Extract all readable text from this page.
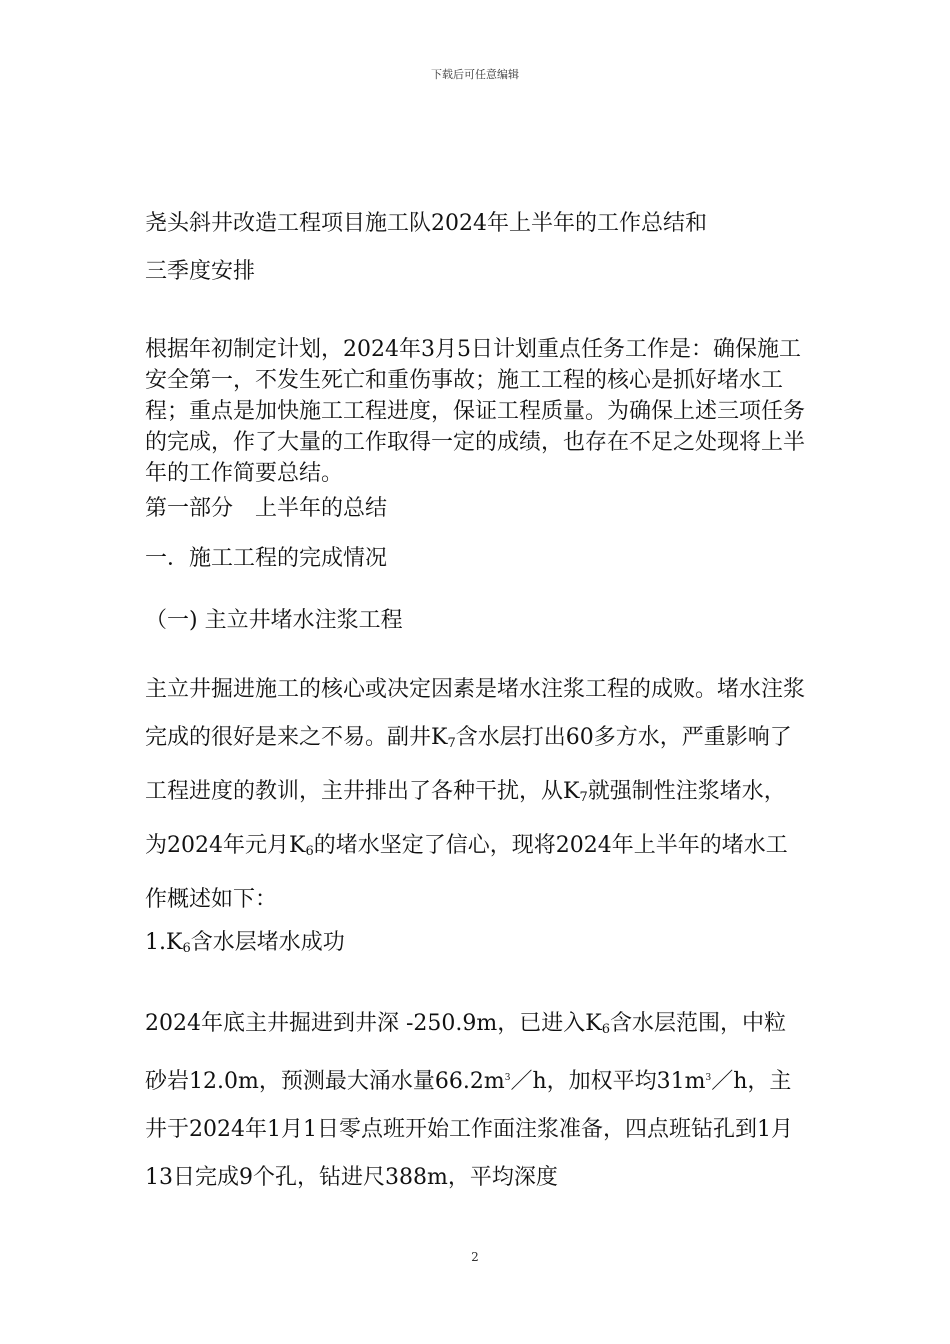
下载后可任意编辑
尧头斜井改造工程项目施工队2024年上半年的工作总结和
三季度安排
根据年初制定计划，2024年3月5日计划重点任务工作是：确保施工安全第一，不发生死亡和重伤事故；施工工程的核心是抓好堵水工程；重点是加快施工工程进度，保证工程质量。为确保上述三项任务的完成，作了大量的工作取得一定的成绩，也存在不足之处现将上半年的工作简要总结。
第一部分　上半年的总结
一．施工工程的完成情况
（一) 主立井堵水注浆工程
主立井掘进施工的核心或决定因素是堵水注浆工程的成败。堵水注浆完成的很好是来之不易。副井$K_7$含水层打出60多方水，严重影响了工程进度的教训，主井排出了各种干扰，从$K_7$就强制性注浆堵水，为2024年元月$K_6$的堵水坚定了信心，现将2024年上半年的堵水工作概述如下：
$1.K_6$含水层堵水成功
2024年底主井掘进到井深 -250.9m，已进入$K_6$含水层范围，中粒砂岩12.0m，预测最大涌水量$66.2m^3/h$，加权平均$31m^3/h$，主井于2024年1月1日零点班开始工作面注浆准备，四点班钻孔到1月13日完成9个孔，钻进尺388m，平均深度
2
